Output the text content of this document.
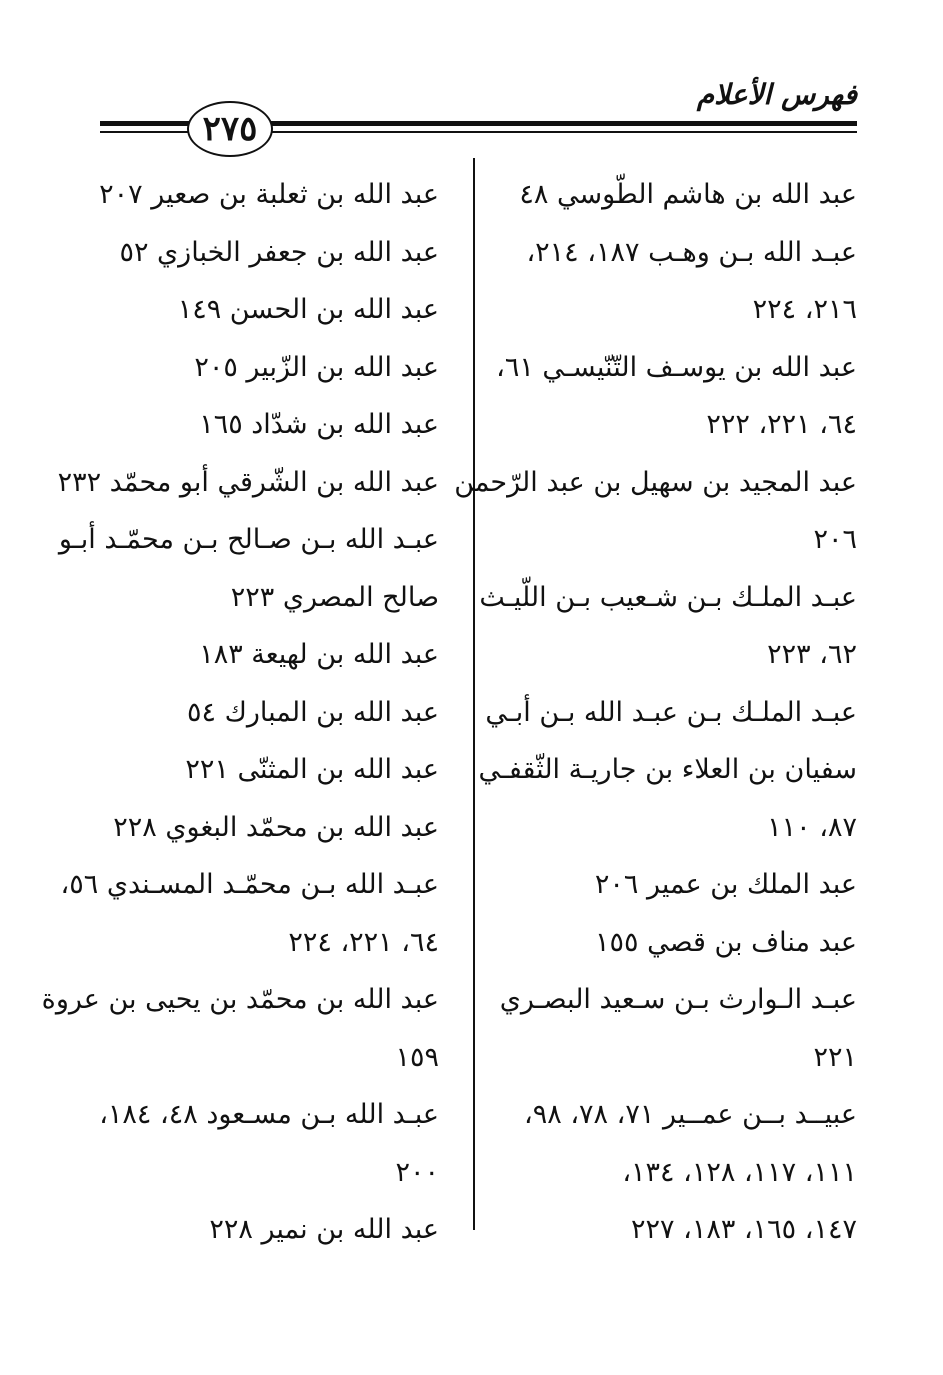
فهرس الأعلام
٢٧٥
عبد الله بن هاشم الطّوسي ٤٨
عبـد الله بـن وهـب ١٨٧، ٢١٤،
٢١٦، ٢٢٤
عبد الله بن يوسـف التّنّيسـي ٦١،
٦٤، ٢٢١، ٢٢٢
عبد المجيد بن سهيل بن عبد الرّحمن
٢٠٦
عبـد الملـك بـن شـعيب بـن اللّيـث
٦٢، ٢٢٣
عبـد الملـك بـن عبـد الله بـن أبـي
سفيان بن العلاء بن جاريـة الثّقفـي
٨٧، ١١٠
عبد الملك بن عمير ٢٠٦
عبد مناف بن قصي ١٥٥
عبـد الـوارث بـن سـعيد البصـري
٢٢١
عبيــد بــن عمــير ٧١، ٧٨، ٩٨،
١١١، ١١٧، ١٢٨، ١٣٤،
١٤٧، ١٦٥، ١٨٣، ٢٢٧
عبد الله بن ثعلبة بن صعير ٢٠٧
عبد الله بن جعفر الخبازي ٥٢
عبد الله بن الحسن ١٤٩
عبد الله بن الزّبير ٢٠٥
عبد الله بن شدّاد ١٦٥
عبد الله بن الشّرقي أبو محمّد ٢٣٢
عبـد الله بـن صـالح بـن محمّـد أبـو
صالح المصري ٢٢٣
عبد الله بن لهيعة ١٨٣
عبد الله بن المبارك ٥٤
عبد الله بن المثنّى ٢٢١
عبد الله بن محمّد البغوي ٢٢٨
عبـد الله بـن محمّـد المسـندي ٥٦،
٦٤، ٢٢١، ٢٢٤
عبد الله بن محمّد بن يحيى بن عروة
١٥٩
عبـد الله بـن مسـعود ٤٨، ١٨٤،
٢٠٠
عبد الله بن نمير ٢٢٨
